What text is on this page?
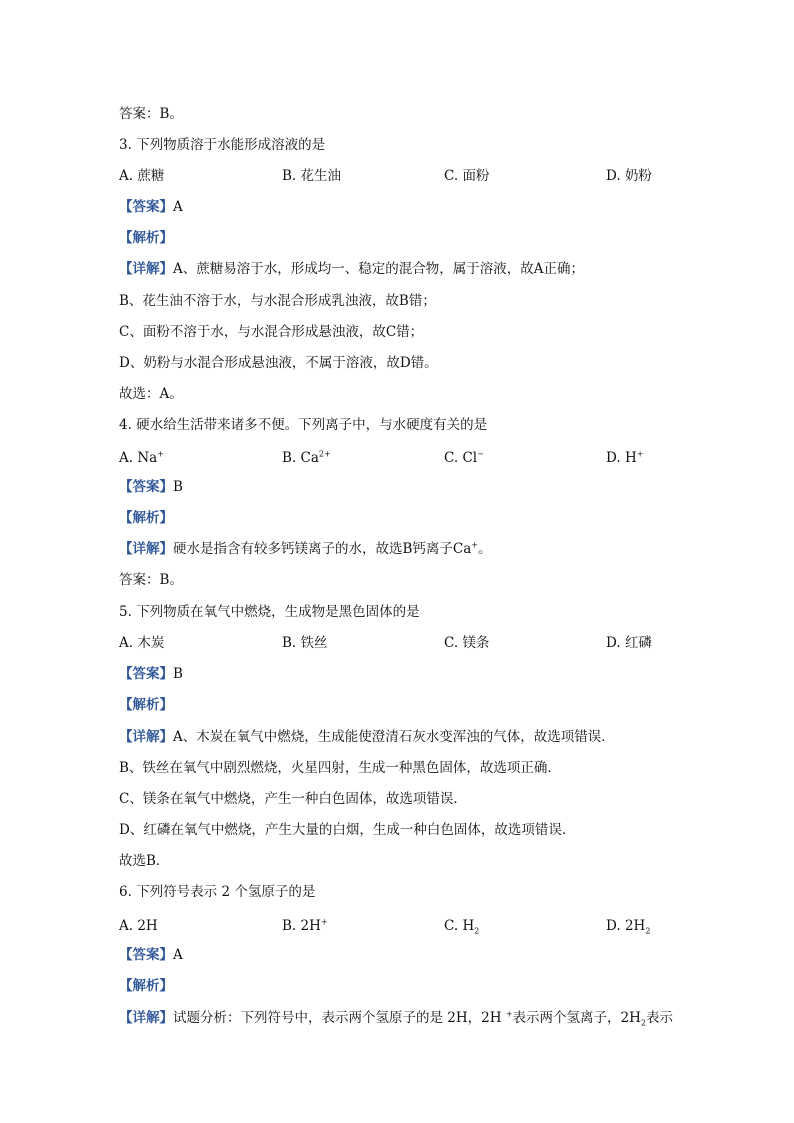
答案：B。
3. 下列物质溶于水能形成溶液的是
A. 蔗糖	B. 花生油	C. 面粉	D. 奶粉
【答案】A
【解析】
【详解】A、蔗糖易溶于水，形成均一、稳定的混合物，属于溶液，故A正确；
B、花生油不溶于水，与水混合形成乳浊液，故B错；
C、面粉不溶于水，与水混合形成悬浊液，故C错；
D、奶粉与水混合形成悬浊液，不属于溶液，故D错。
故选：A。
4. 硬水给生活带来诸多不便。下列离子中，与水硬度有关的是
A. Na+	B. $Ca^{2+}$	C. Cl−	D. H+
【答案】B
【解析】
【详解】硬水是指含有较多钙镁离子的水，故选B钙离子Ca+。
答案：B。
5. 下列物质在氧气中燃烧，生成物是黑色固体的是
A. 木炭	B. 铁丝	C. 镁条	D. 红磷
【答案】B
【解析】
【详解】A、木炭在氧气中燃烧，生成能使澄清石灰水变浑浊的气体，故选项错误．
B、铁丝在氧气中剧烈燃烧，火星四射，生成一种黑色固体，故选项正确．
C、镁条在氧气中燃烧，产生一种白色固体，故选项错误．
D、红磷在氧气中燃烧，产生大量的白烟，生成一种白色固体，故选项错误．
故选B．
6. 下列符号表示 2 个氢原子的是
A. 2H	B. 2H+	C. $H_2$	D. $2H_2$
【答案】A
【解析】
【详解】试题分析：下列符号中，表示两个氢原子的是 2H，2H +表示两个氢离子，$2H_2$表示
